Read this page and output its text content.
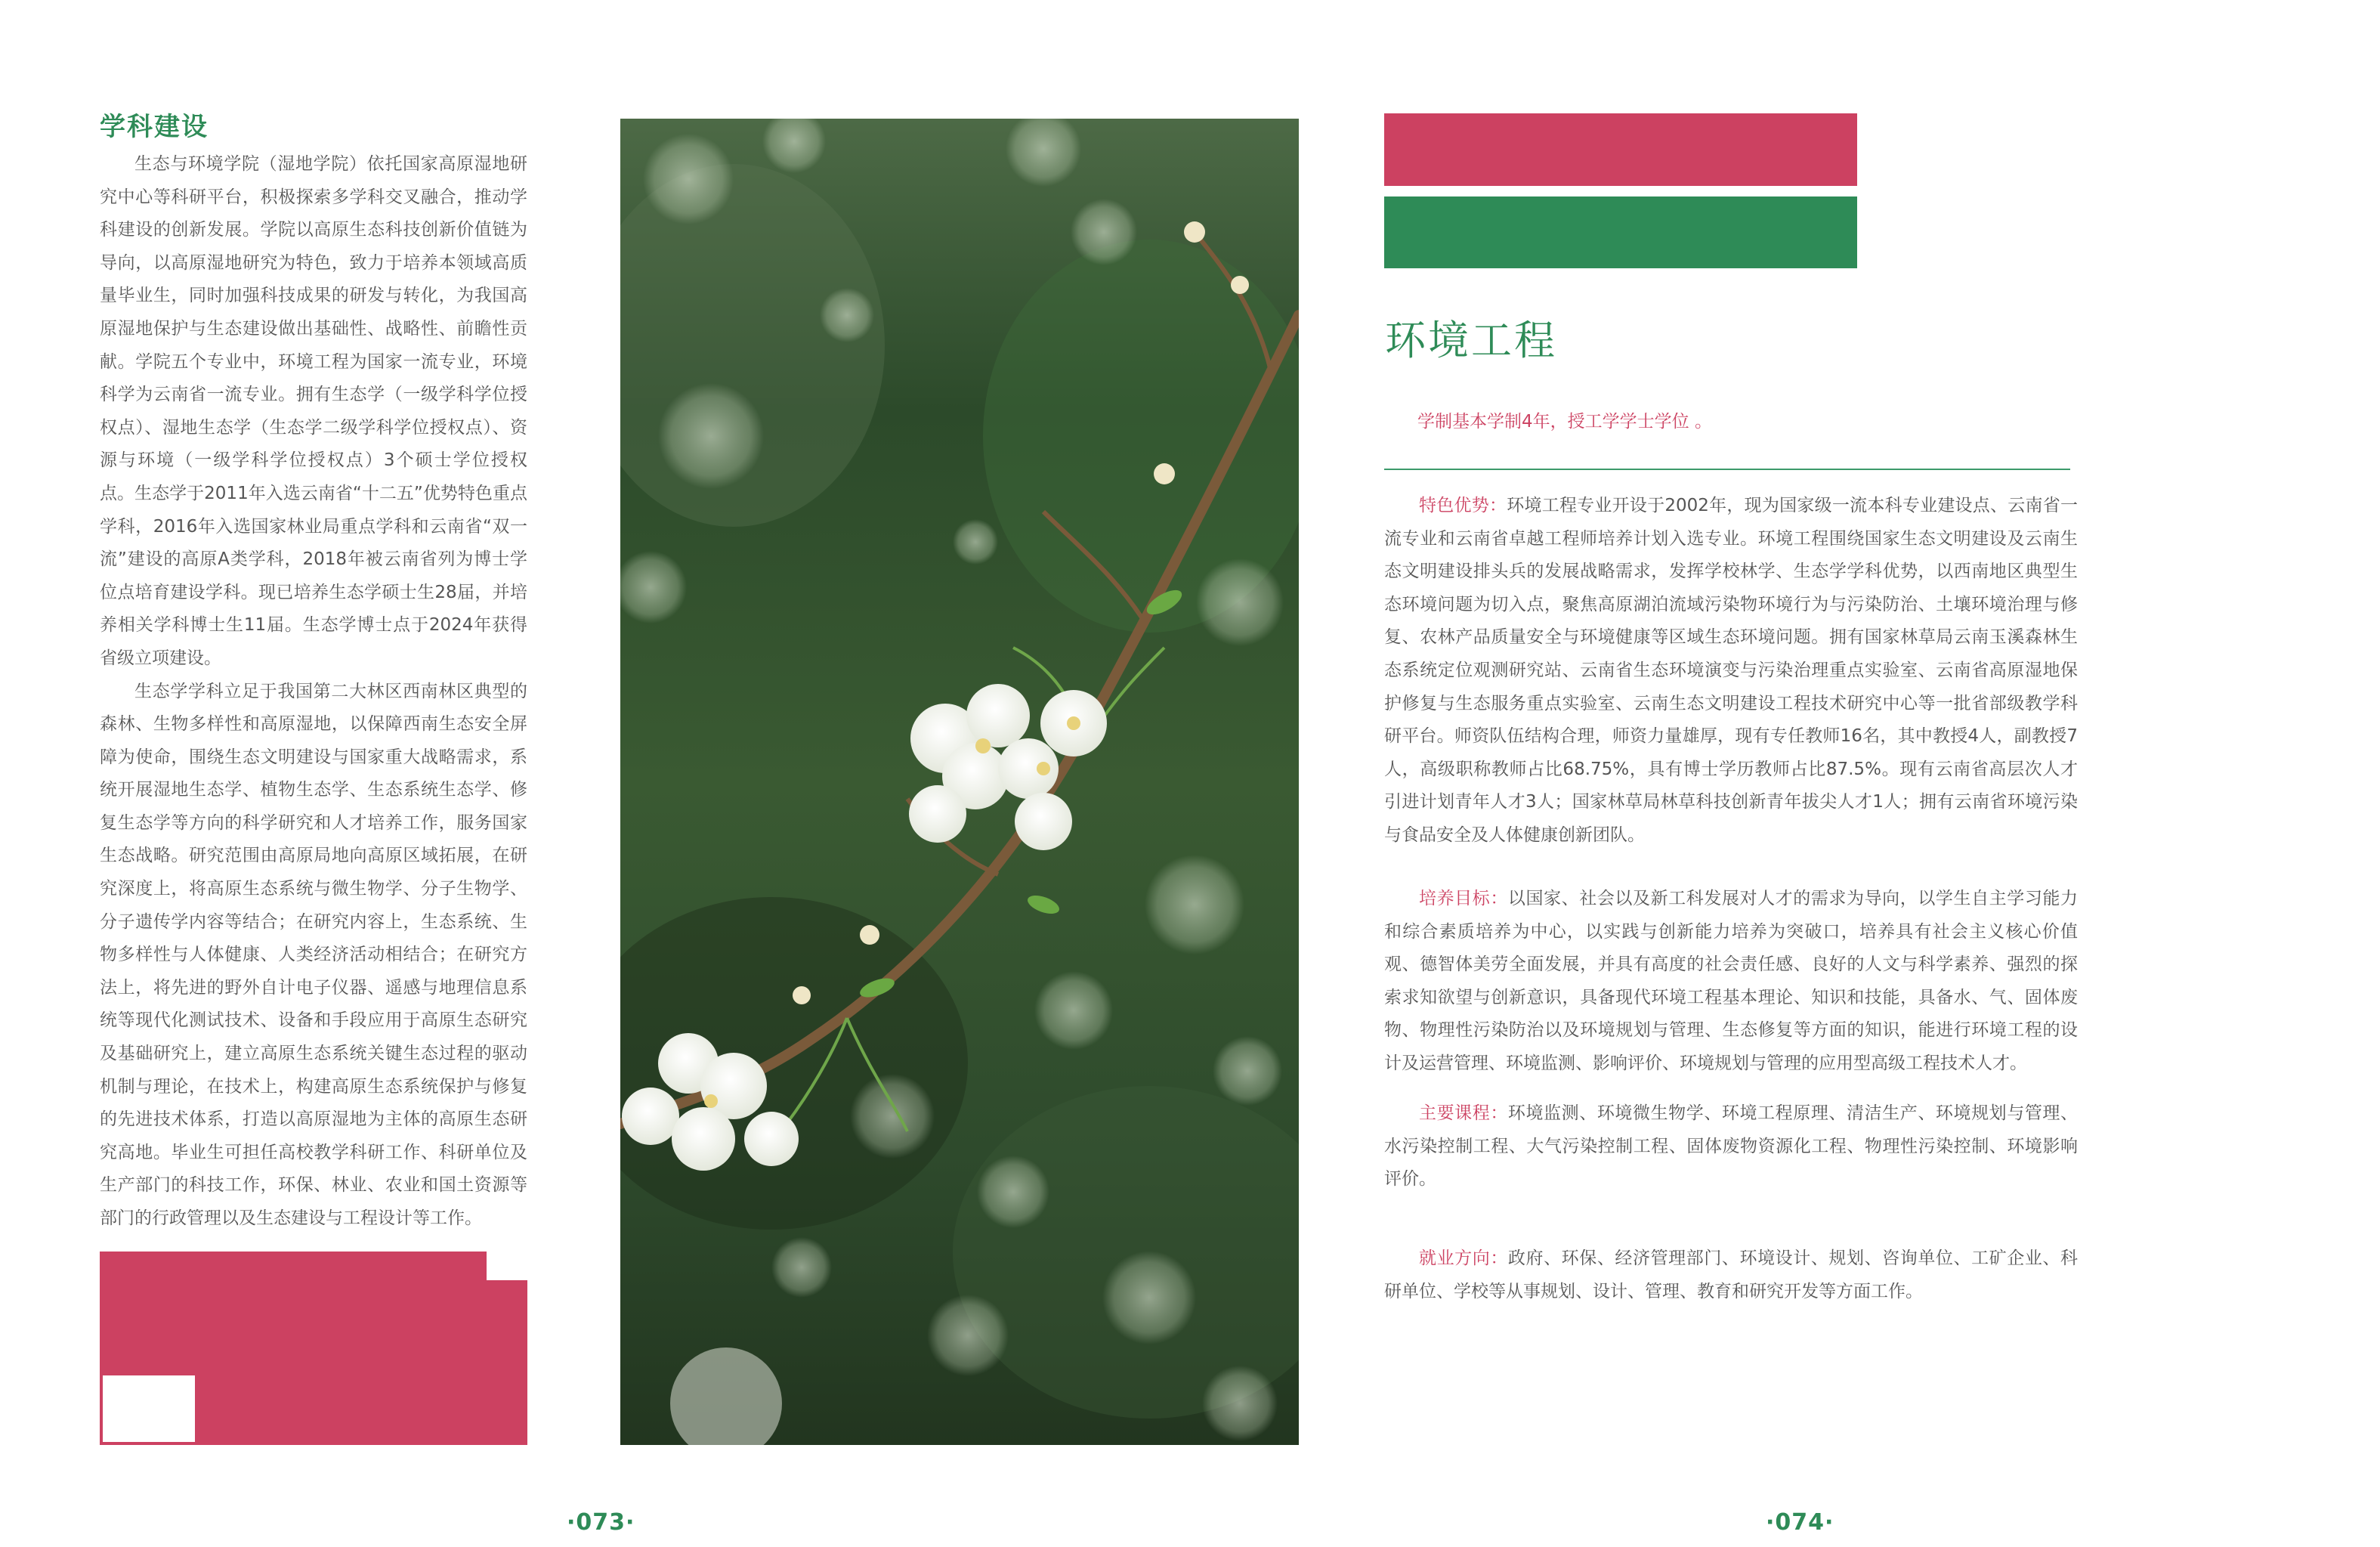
学科建设

生态与环境学院（湿地学院）依托国家高原湿地研究中心等科研平台，积极探索多学科交叉融合，推动学科建设的创新发展。学院以高原生态科技创新价值链为导向，以高原湿地研究为特色，致力于培养本领域高质量毕业生，同时加强科技成果的研发与转化，为我国高原湿地保护与生态建设做出基础性、战略性、前瞻性贡献。学院五个专业中，环境工程为国家一流专业，环境科学为云南省一流专业。拥有生态学（一级学科学位授权点）、湿地生态学（生态学二级学科学位授权点）、资源与环境（一级学科学位授权点）3个硕士学位授权点。生态学于2011年入选云南省“十二五”优势特色重点学科，2016年入选国家林业局重点学科和云南省“双一流”建设的高原A类学科，2018年被云南省列为博士学位点培育建设学科。现已培养生态学硕士生28届，并培养相关学科博士生11届。生态学博士点于2024年获得省级立项建设。

生态学学科立足于我国第二大林区西南林区典型的森林、生物多样性和高原湿地，以保障西南生态安全屏障为使命，围绕生态文明建设与国家重大战略需求，系统开展湿地生态学、植物生态学、生态系统生态学、修复生态学等方向的科学研究和人才培养工作，服务国家生态战略。研究范围由高原局地向高原区域拓展，在研究深度上，将高原生态系统与微生物学、分子生物学、分子遗传学内容等结合；在研究内容上，生态系统、生物多样性与人体健康、人类经济活动相结合；在研究方法上，将先进的野外自计电子仪器、遥感与地理信息系统等现代化测试技术、设备和手段应用于高原生态研究及基础研究上，建立高原生态系统关键生态过程的驱动机制与理论，在技术上，构建高原生态系统保护与修复的先进技术体系，打造以高原湿地为主体的高原生态研究高地。毕业生可担任高校教学科研工作、科研单位及生产部门的科技工作，环保、林业、农业和国土资源等部门的行政管理以及生态建设与工程设计等工作。

环境工程
学制基本学制4年，授工学学士学位 。

特色优势：环境工程专业开设于2002年，现为国家级一流本科专业建设点、云南省一流专业和云南省卓越工程师培养计划入选专业。环境工程围绕国家生态文明建设及云南生态文明建设排头兵的发展战略需求，发挥学校林学、生态学学科优势，以西南地区典型生态环境问题为切入点，聚焦高原湖泊流域污染物环境行为与污染防治、土壤环境治理与修复、农林产品质量安全与环境健康等区域生态环境问题。拥有国家林草局云南玉溪森林生态系统定位观测研究站、云南省生态环境演变与污染治理重点实验室、云南省高原湿地保护修复与生态服务重点实验室、云南生态文明建设工程技术研究中心等一批省部级教学科研平台。师资队伍结构合理，师资力量雄厚，现有专任教师16名，其中教授4人，副教授7人，高级职称教师占比68.75%，具有博士学历教师占比87.5%。现有云南省高层次人才引进计划青年人才3人；国家林草局林草科技创新青年拔尖人才1人；拥有云南省环境污染与食品安全及人体健康创新团队。

培养目标：以国家、社会以及新工科发展对人才的需求为导向，以学生自主学习能力和综合素质培养为中心，以实践与创新能力培养为突破口，培养具有社会主义核心价值观、德智体美劳全面发展，并具有高度的社会责任感、良好的人文与科学素养、强烈的探索求知欲望与创新意识，具备现代环境工程基本理论、知识和技能，具备水、气、固体废物、物理性污染防治以及环境规划与管理、生态修复等方面的知识，能进行环境工程的设计及运营管理、环境监测、影响评价、环境规划与管理的应用型高级工程技术人才。

主要课程：环境监测、环境微生物学、环境工程原理、清洁生产、环境规划与管理、水污染控制工程、大气污染控制工程、固体废物资源化工程、物理性污染控制、环境影响评价。

就业方向：政府、环保、经济管理部门、环境设计、规划、咨询单位、工矿企业、科研单位、学校等从事规划、设计、管理、教育和研究开发等方面工作。

·073·	·074·
